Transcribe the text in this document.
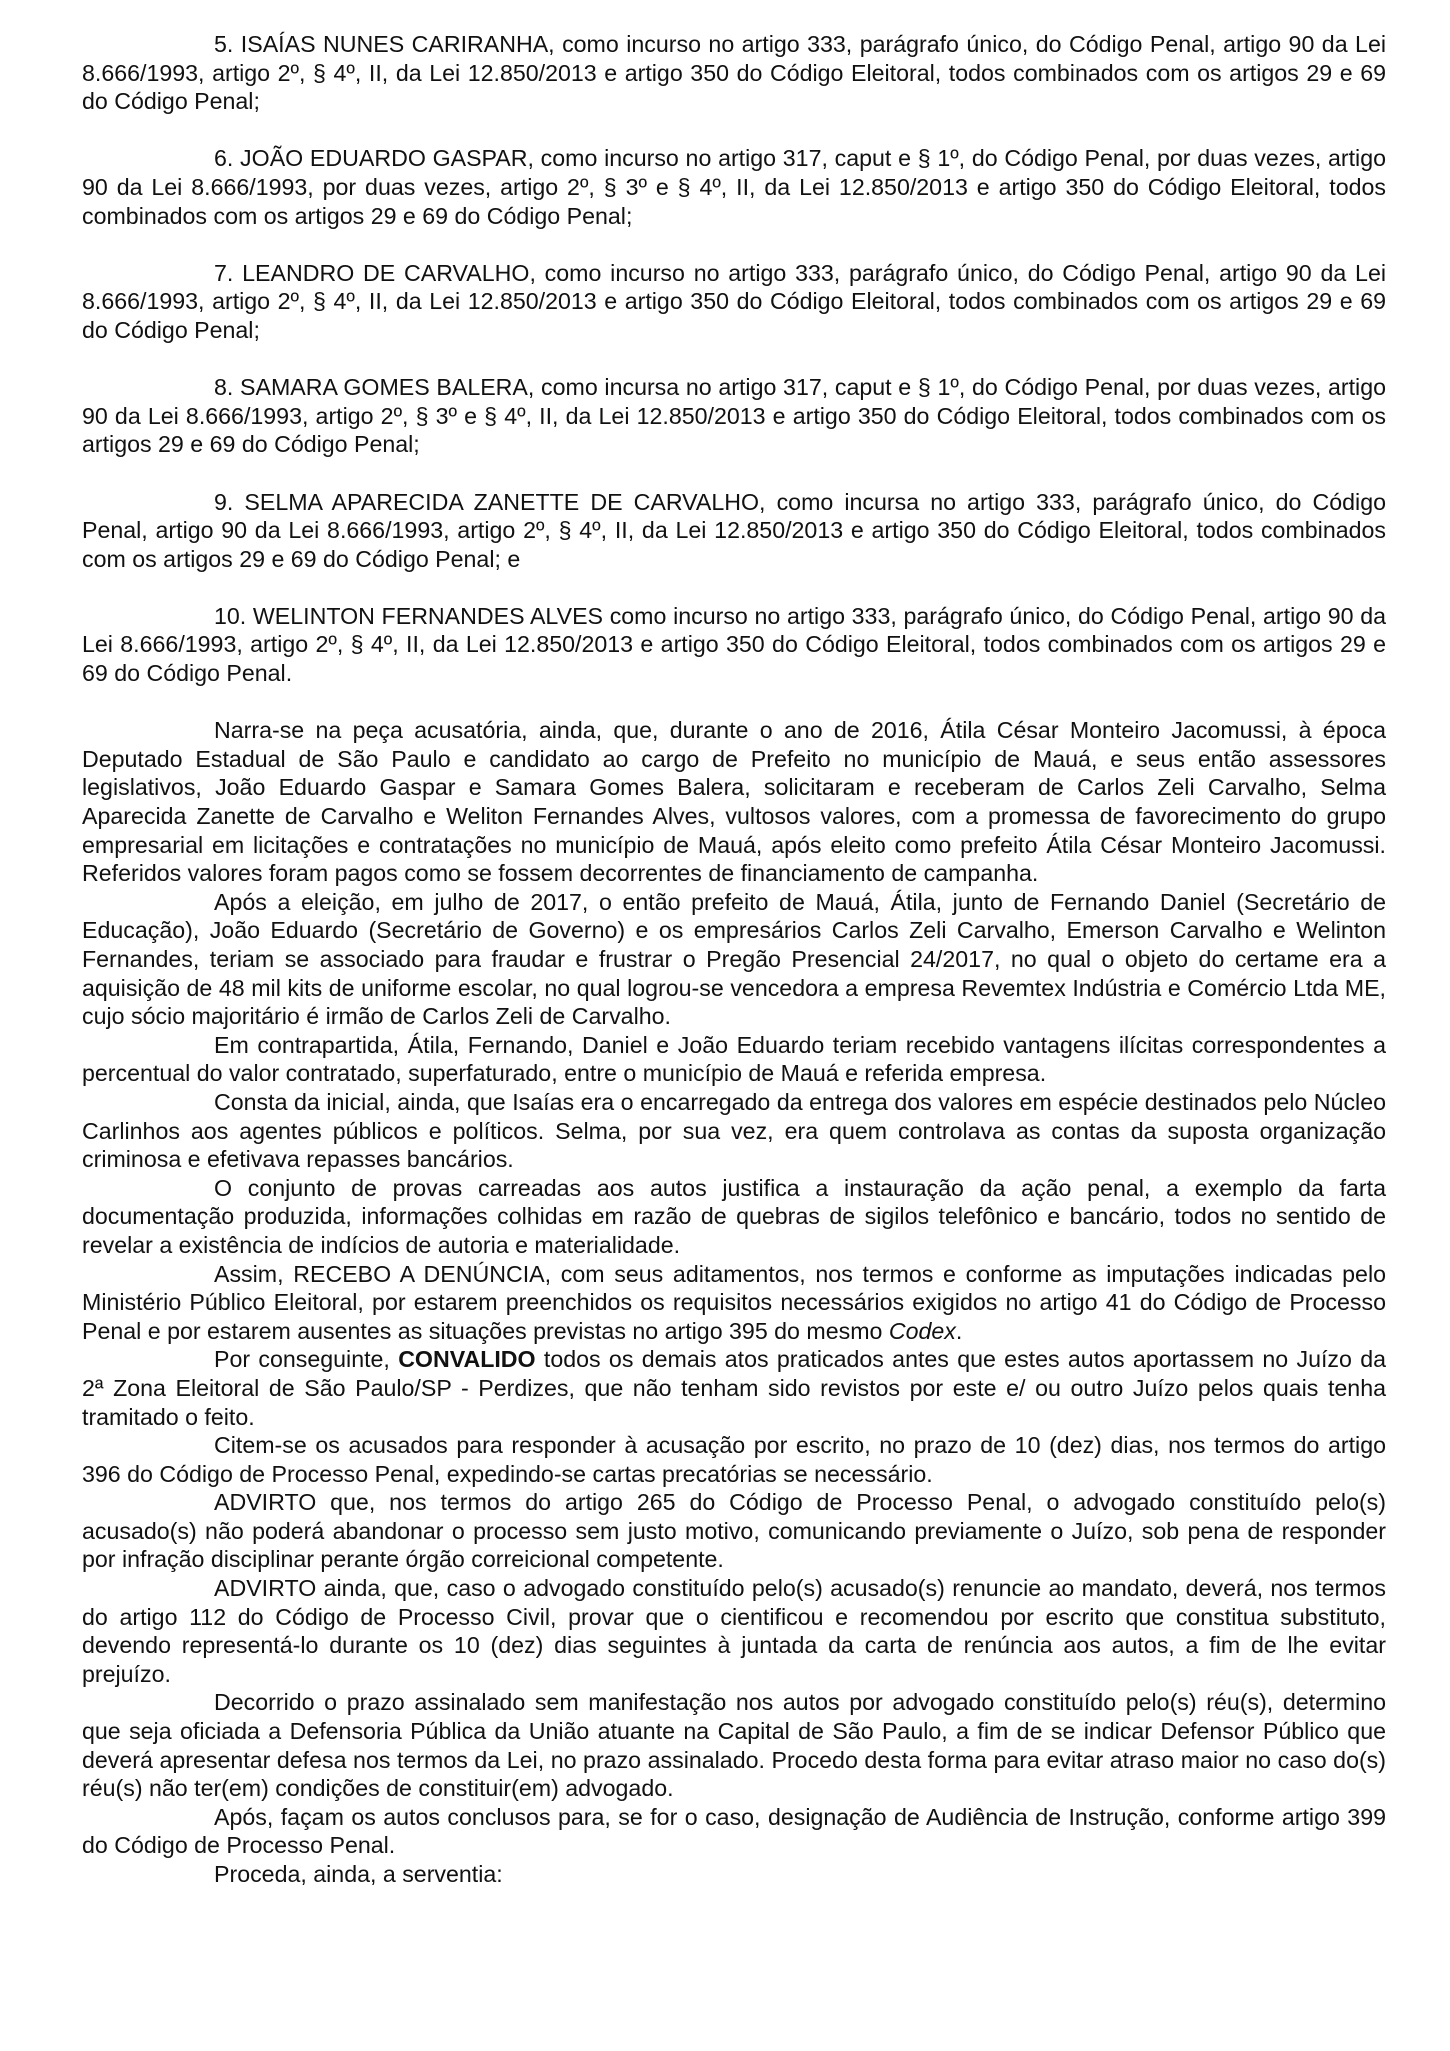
5. ISAÍAS NUNES CARIRANHA, como incurso no artigo 333, parágrafo único, do Código Penal, artigo 90 da Lei 8.666/1993, artigo 2º, § 4º, II, da Lei 12.850/2013 e artigo 350 do Código Eleitoral, todos combinados com os artigos 29 e 69 do Código Penal;

6. JOÃO EDUARDO GASPAR, como incurso no artigo 317, caput e § 1º, do Código Penal, por duas vezes, artigo 90 da Lei 8.666/1993, por duas vezes, artigo 2º, § 3º e § 4º, II, da Lei 12.850/2013 e artigo 350 do Código Eleitoral, todos combinados com os artigos 29 e 69 do Código Penal;

7. LEANDRO DE CARVALHO, como incurso no artigo 333, parágrafo único, do Código Penal, artigo 90 da Lei 8.666/1993, artigo 2º, § 4º, II, da Lei 12.850/2013 e artigo 350 do Código Eleitoral, todos combinados com os artigos 29 e 69 do Código Penal;

8. SAMARA GOMES BALERA, como incursa no artigo 317, caput e § 1º, do Código Penal, por duas vezes, artigo 90 da Lei 8.666/1993, artigo 2º, § 3º e § 4º, II, da Lei 12.850/2013 e artigo 350 do Código Eleitoral, todos combinados com os artigos 29 e 69 do Código Penal;

9. SELMA APARECIDA ZANETTE DE CARVALHO, como incursa no artigo 333, parágrafo único, do Código Penal, artigo 90 da Lei 8.666/1993, artigo 2º, § 4º, II, da Lei 12.850/2013 e artigo 350 do Código Eleitoral, todos combinados com os artigos 29 e 69 do Código Penal; e

10. WELINTON FERNANDES ALVES como incurso no artigo 333, parágrafo único, do Código Penal, artigo 90 da Lei 8.666/1993, artigo 2º, § 4º, II, da Lei 12.850/2013 e artigo 350 do Código Eleitoral, todos combinados com os artigos 29 e 69 do Código Penal.

Narra-se na peça acusatória, ainda, que, durante o ano de 2016, Átila César Monteiro Jacomussi, à época Deputado Estadual de São Paulo e candidato ao cargo de Prefeito no município de Mauá, e seus então assessores legislativos, João Eduardo Gaspar e Samara Gomes Balera, solicitaram e receberam de Carlos Zeli Carvalho, Selma Aparecida Zanette de Carvalho e Weliton Fernandes Alves, vultosos valores, com a promessa de favorecimento do grupo empresarial em licitações e contratações no município de Mauá, após eleito como prefeito Átila César Monteiro Jacomussi. Referidos valores foram pagos como se fossem decorrentes de financiamento de campanha.

Após a eleição, em julho de 2017, o então prefeito de Mauá, Átila, junto de Fernando Daniel (Secretário de Educação), João Eduardo (Secretário de Governo) e os empresários Carlos Zeli Carvalho, Emerson Carvalho e Welinton Fernandes, teriam se associado para fraudar e frustrar o Pregão Presencial 24/2017, no qual o objeto do certame era a aquisição de 48 mil kits de uniforme escolar, no qual logrou-se vencedora a empresa Revemtex Indústria e Comércio Ltda ME, cujo sócio majoritário é irmão de Carlos Zeli de Carvalho.

Em contrapartida, Átila, Fernando, Daniel e João Eduardo teriam recebido vantagens ilícitas correspondentes a percentual do valor contratado, superfaturado, entre o município de Mauá e referida empresa.

Consta da inicial, ainda, que Isaías era o encarregado da entrega dos valores em espécie destinados pelo Núcleo Carlinhos aos agentes públicos e políticos. Selma, por sua vez, era quem controlava as contas da suposta organização criminosa e efetivava repasses bancários.

O conjunto de provas carreadas aos autos justifica a instauração da ação penal, a exemplo da farta documentação produzida, informações colhidas em razão de quebras de sigilos telefônico e bancário, todos no sentido de revelar a existência de indícios de autoria e materialidade.

Assim, RECEBO A DENÚNCIA, com seus aditamentos, nos termos e conforme as imputações indicadas pelo Ministério Público Eleitoral, por estarem preenchidos os requisitos necessários exigidos no artigo 41 do Código de Processo Penal e por estarem ausentes as situações previstas no artigo 395 do mesmo Codex.

Por conseguinte, CONVALIDO todos os demais atos praticados antes que estes autos aportassem no Juízo da 2ª Zona Eleitoral de São Paulo/SP - Perdizes, que não tenham sido revistos por este e/ ou outro Juízo pelos quais tenha tramitado o feito.

Citem-se os acusados para responder à acusação por escrito, no prazo de 10 (dez) dias, nos termos do artigo 396 do Código de Processo Penal, expedindo-se cartas precatórias se necessário.

ADVIRTO que, nos termos do artigo 265 do Código de Processo Penal, o advogado constituído pelo(s) acusado(s) não poderá abandonar o processo sem justo motivo, comunicando previamente o Juízo, sob pena de responder por infração disciplinar perante órgão correicional competente.

ADVIRTO ainda, que, caso o advogado constituído pelo(s) acusado(s) renuncie ao mandato, deverá, nos termos do artigo 112 do Código de Processo Civil, provar que o cientificou e recomendou por escrito que constitua substituto, devendo representá-lo durante os 10 (dez) dias seguintes à juntada da carta de renúncia aos autos, a fim de lhe evitar prejuízo.

Decorrido o prazo assinalado sem manifestação nos autos por advogado constituído pelo(s) réu(s), determino que seja oficiada a Defensoria Pública da União atuante na Capital de São Paulo, a fim de se indicar Defensor Público que deverá apresentar defesa nos termos da Lei, no prazo assinalado. Procedo desta forma para evitar atraso maior no caso do(s) réu(s) não ter(em) condições de constituir(em) advogado.

Após, façam os autos conclusos para, se for o caso, designação de Audiência de Instrução, conforme artigo 399 do Código de Processo Penal.

Proceda, ainda, a serventia:
